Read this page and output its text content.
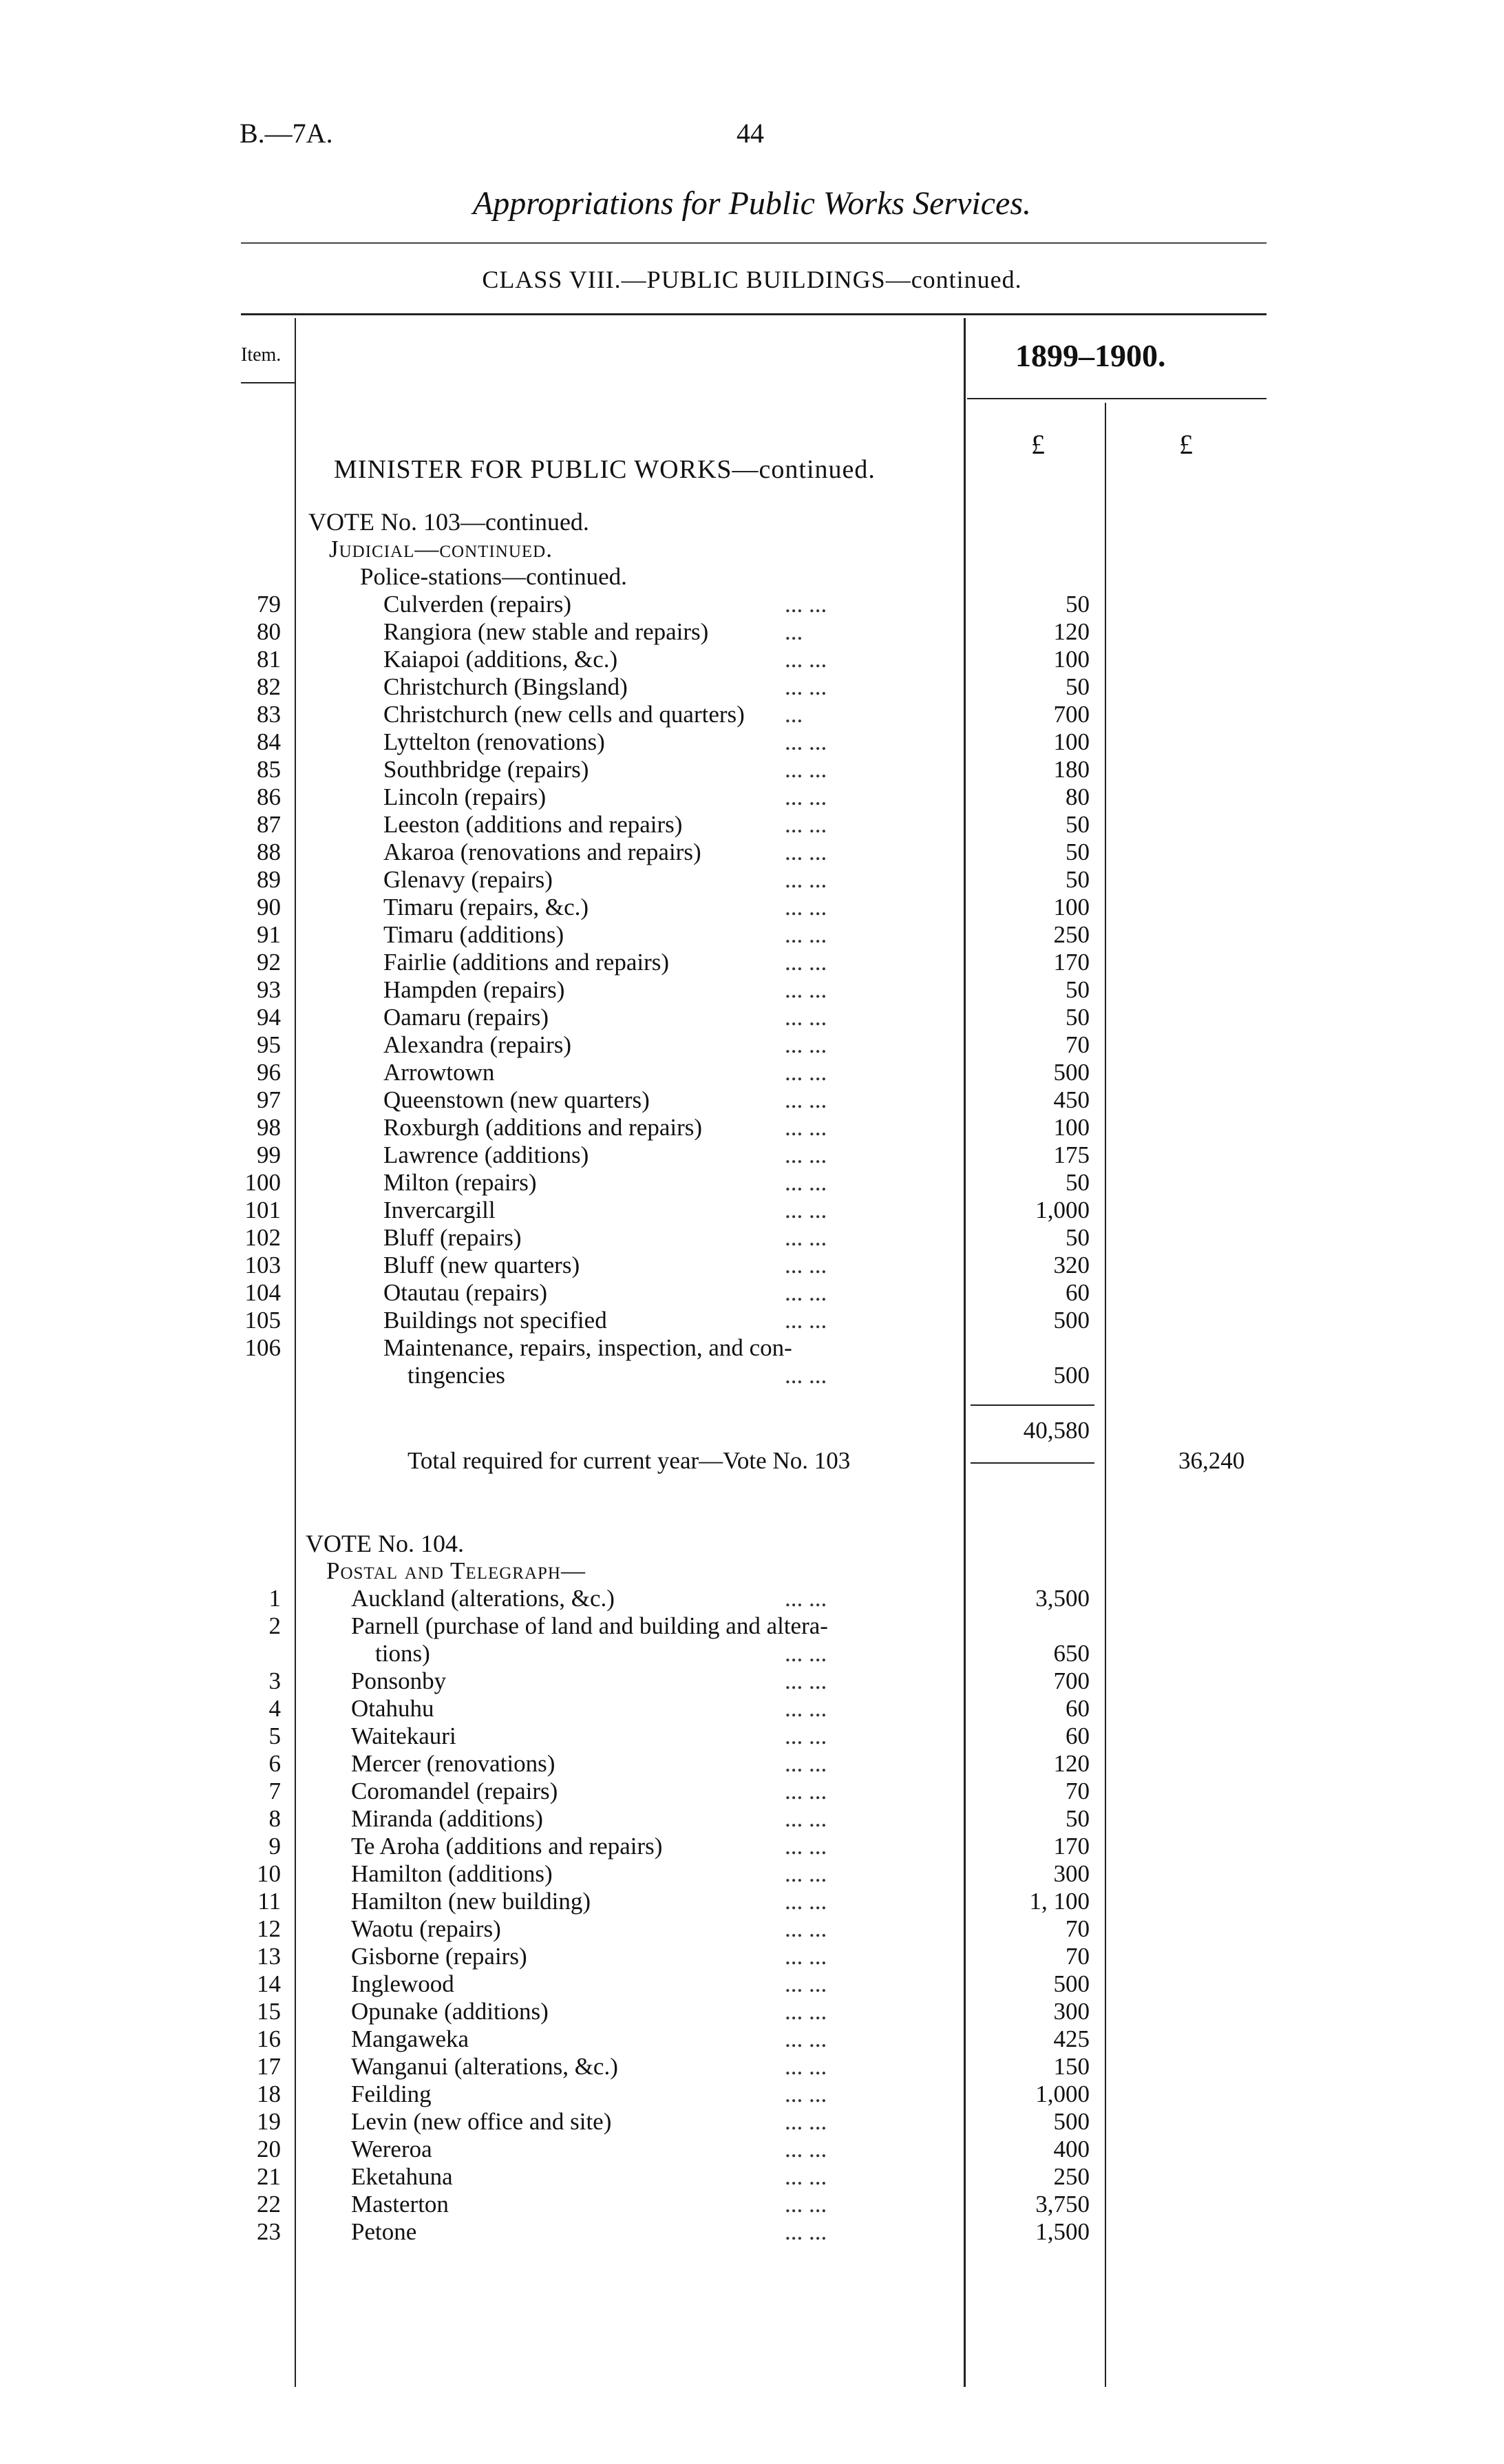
B.—7A.	44
Appropriations for Public Works Services.
CLASS VIII.—PUBLIC BUILDINGS—continued.
Item.	1899–1900.
£	£
MINISTER FOR PUBLIC WORKS—continued.
VOTE No. 103—continued.
Judicial—continued.
Police-stations—continued.
79	Culverden (repairs)	... ...	50
80	Rangiora (new stable and repairs)	...	120
81	Kaiapoi (additions, &c.)	... ...	100
82	Christchurch (Bingsland)	... ...	50
83	Christchurch (new cells and quarters) ...	700
84	Lyttelton (renovations)	... ...	100
85	Southbridge (repairs)	... ...	180
86	Lincoln (repairs)	... ...	80
87	Leeston (additions and repairs)	... ...	50
88	Akaroa (renovations and repairs)	... ...	50
89	Glenavy (repairs)	... ...	50
90	Timaru (repairs, &c.)	... ...	100
91	Timaru (additions)	... ...	250
92	Fairlie (additions and repairs)	... ...	170
93	Hampden (repairs)	... ...	50
94	Oamaru (repairs)	... ...	50
95	Alexandra (repairs)	... ...	70
96	Arrowtown	... ...	500
97	Queenstown (new quarters)	... ...	450
98	Roxburgh (additions and repairs)	... ...	100
99	Lawrence (additions)	... ...	175
100	Milton (repairs)	... ...	50
101	Invercargill	... ...	1,000
102	Bluff (repairs)	... ...	50
103	Bluff (new quarters)	... ...	320
104	Otautau (repairs)	... ...	60
105	Buildings not specified	... ...	500
106	Maintenance, repairs, inspection, and con-
tingencies	... ...	500
40,580
Total required for current year—Vote No. 103	36,240
VOTE No. 104.
Postal and Telegraph—
1	Auckland (alterations, &c.)	... ...	3,500
2	Parnell (purchase of land and building and altera-
tions)	... ...	650
3	Ponsonby	... ...	700
4	Otahuhu	... ...	60
5	Waitekauri	... ...	60
6	Mercer (renovations)	... ...	120
7	Coromandel (repairs)	... ...	70
8	Miranda (additions)	... ...	50
9	Te Aroha (additions and repairs)	... ...	170
10	Hamilton (additions)	... ...	300
11	Hamilton (new building)	... ...	1, 100
12	Waotu (repairs)	... ...	70
13	Gisborne (repairs)	... ...	70
14	Inglewood	... ...	500
15	Opunake (additions)	... ...	300
16	Mangaweka	... ...	425
17	Wanganui (alterations, &c.)	... ...	150
18	Feilding	... ...	1,000
19	Levin (new office and site)	... ...	500
20	Wereroa	... ...	400
21	Eketahuna	... ...	250
22	Masterton	... ...	3,750
23	Petone	... ...	1,500
